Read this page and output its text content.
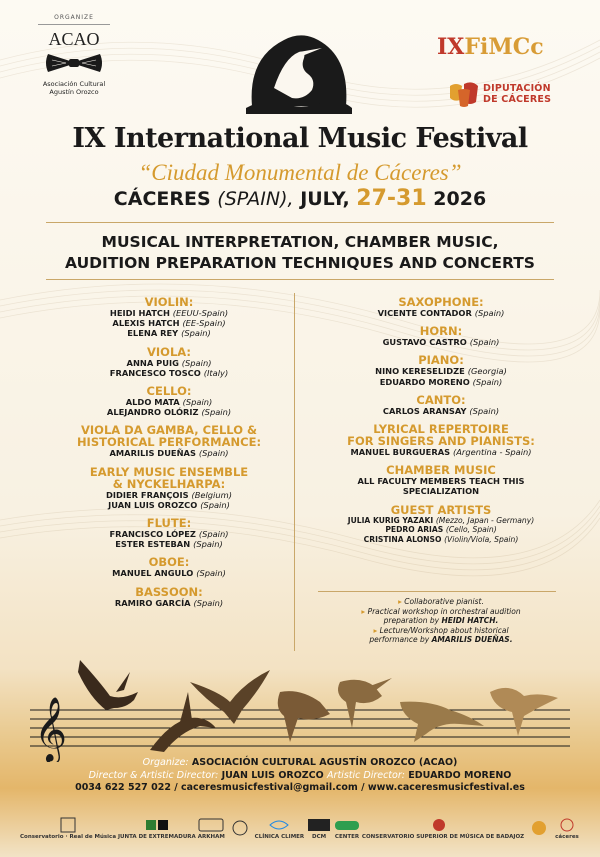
ORGANIZE
ACAO
Asociación Cultural
Agustín Orozco
IXFiMCc
DIPUTACIÓN
DE CÁCERES
IX International Music Festival
“Ciudad Monumental de Cáceres”
CÁCERES (SPAIN), JULY, 27-31 2026
MUSICAL INTERPRETATION, CHAMBER MUSIC,
AUDITION PREPARATION TECHNIQUES AND CONCERTS
VIOLIN:
HEIDI HATCH (EEUU-Spain)
ALEXIS HATCH (EE-Spain)
ELENA REY (Spain)
VIOLA:
ANNA PUIG (Spain)
FRANCESCO TOSCO (Italy)
CELLO:
ALDO MATA (Spain)
ALEJANDRO OLÓRIZ (Spain)
VIOLA DA GAMBA, CELLO &
HISTORICAL PERFORMANCE:
AMARILIS DUEÑAS (Spain)
EARLY MUSIC ENSEMBLE
& NYCKELHARPA:
DIDIER FRANÇOIS (Belgium)
JUAN LUIS OROZCO (Spain)
FLUTE:
FRANCISCO LÓPEZ (Spain)
ESTER ESTEBAN (Spain)
OBOE:
MANUEL ANGULO (Spain)
BASSOON:
RAMIRO GARCÍA (Spain)
SAXOPHONE:
VICENTE CONTADOR (Spain)
HORN:
GUSTAVO CASTRO (Spain)
PIANO:
NINO KERESELIDZE (Georgia)
EDUARDO MORENO (Spain)
CANTO:
CARLOS ARANSAY (Spain)
LYRICAL REPERTOIRE
FOR SINGERS AND PIANISTS:
MANUEL BURGUERAS (Argentina - Spain)
CHAMBER MUSIC
ALL FACULTY MEMBERS TEACH THIS
SPECIALIZATION
GUEST ARTISTS
JULIA KURIG YAZAKI (Mezzo, Japan - Germany)
PEDRO ARIAS (Cello, Spain)
CRISTINA ALONSO (Violin/Viola, Spain)
▸ Collaborative pianist.
▸ Practical workshop in orchestral audition
preparation by HEIDI HATCH.
▸ Lecture/Workshop about historical
performance by AMARILIS DUEÑAS.
𝄞
Organize: ASOCIACIÓN CULTURAL AGUSTÍN OROZCO (ACAO)
Director & Artistic Director: JUAN LUIS OROZCO Artistic Director: EDUARDO MORENO
0034 622 527 022 / caceresmusicfestival@gmail.com / www.caceresmusicfestival.es
Conservatorio · Real de Música JUNTA DE EXTREMADURA ARKHAM	CLÍNICA CLIMER DCM CENTER CONSERVATORIO SUPERIOR DE MÚSICA DE BADAJOZ	cáceres
